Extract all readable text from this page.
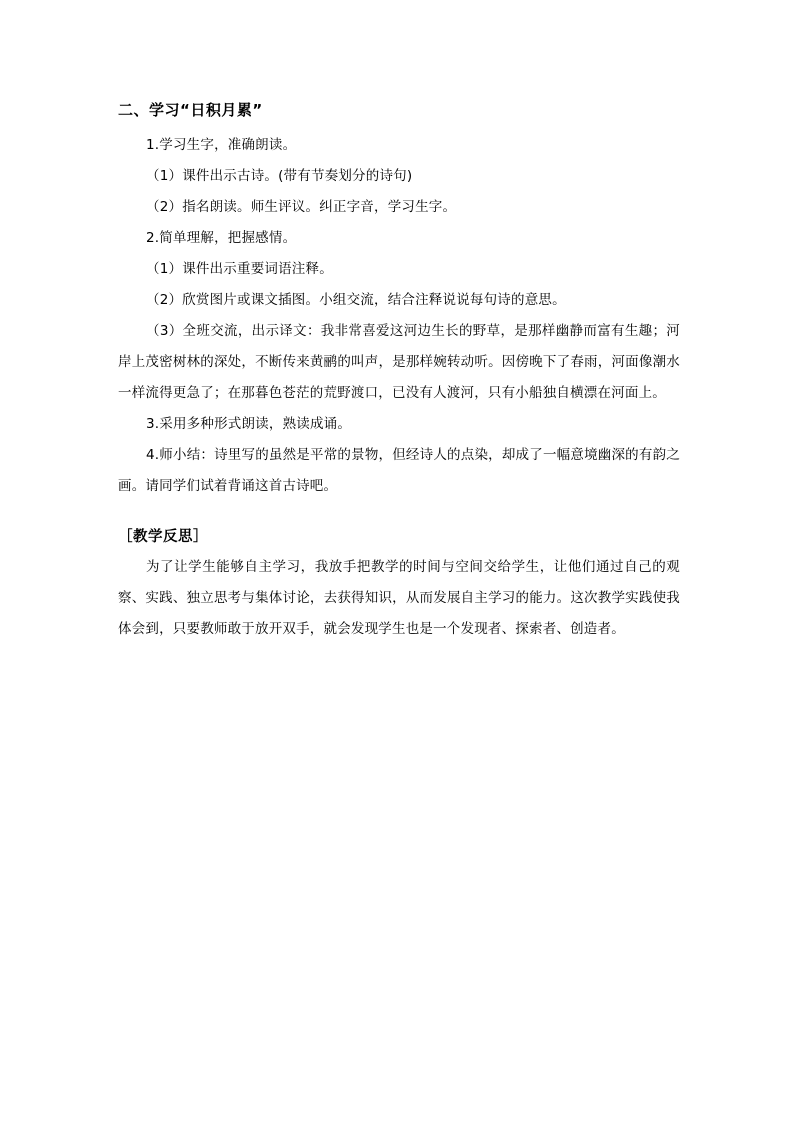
二、学习“日积月累”

1.学习生字，准确朗读。

（1）课件出示古诗。(带有节奏划分的诗句)

（2）指名朗读。师生评议。纠正字音，学习生字。

2.简单理解，把握感情。

（1）课件出示重要词语注释。

（2）欣赏图片或课文插图。小组交流，结合注释说说每句诗的意思。

（3）全班交流，出示译文：我非常喜爱这河边生长的野草，是那样幽静而富有生趣；河岸上茂密树林的深处，不断传来黄鹂的叫声，是那样婉转动听。因傍晚下了春雨，河面像潮水一样流得更急了；在那暮色苍茫的荒野渡口，已没有人渡河，只有小船独自横漂在河面上。

3.采用多种形式朗读，熟读成诵。

4.师小结：诗里写的虽然是平常的景物，但经诗人的点染，却成了一幅意境幽深的有韵之画。请同学们试着背诵这首古诗吧。

［教学反思］

为了让学生能够自主学习，我放手把教学的时间与空间交给学生，让他们通过自己的观察、实践、独立思考与集体讨论，去获得知识，从而发展自主学习的能力。这次教学实践使我体会到，只要教师敢于放开双手，就会发现学生也是一个发现者、探索者、创造者。
